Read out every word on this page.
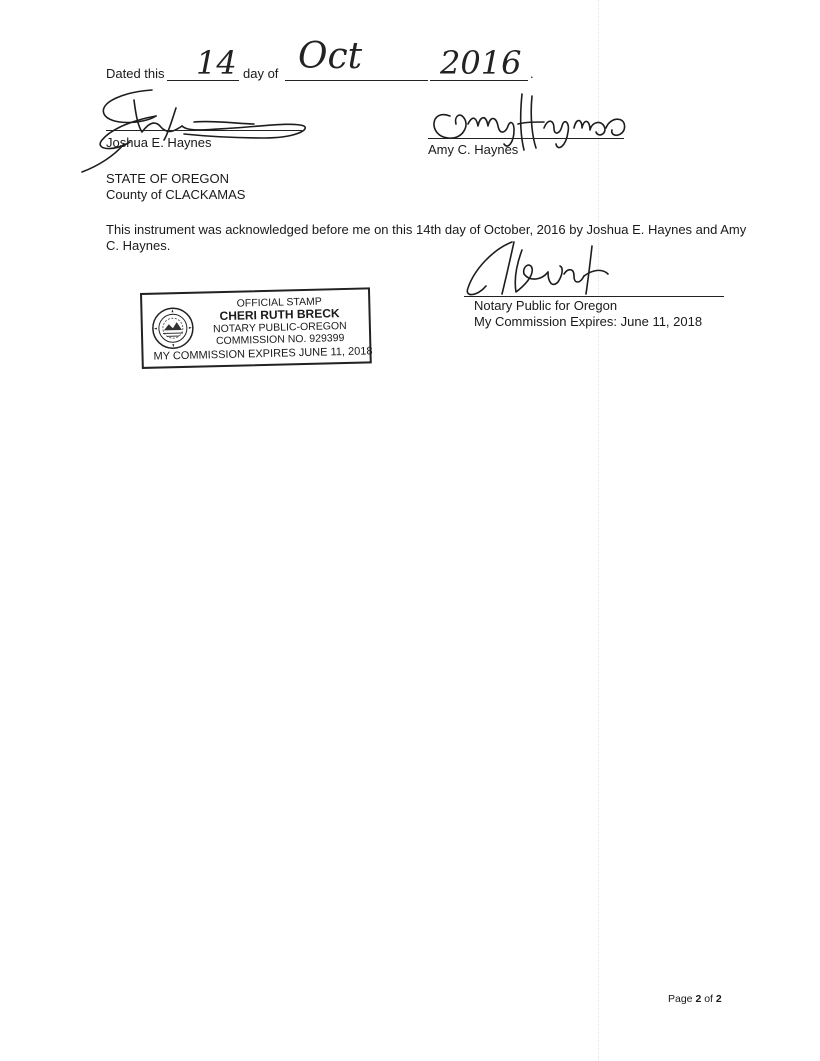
Dated this 14 day of Oct 2016 .
Joshua E. Haynes	Amy C. Haynes
STATE OF OREGON
County of CLACKAMAS
This instrument was acknowledged before me on this 14th day of October, 2016 by Joshua E. Haynes and Amy
C. Haynes.
Notary Public for Oregon
My Commission Expires: June 11, 2018
OFFICIAL STAMP
CHERI RUTH BRECK
NOTARY PUBLIC-OREGON
COMMISSION NO. 929399
MY COMMISSION EXPIRES JUNE 11, 2018
Page 2 of 2
